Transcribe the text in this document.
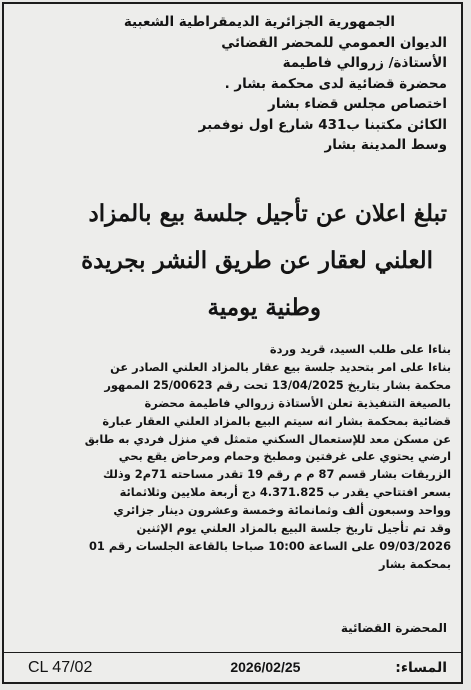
الجمهورية الجزائرية الديمقراطية الشعبية
الديوان العمومي للمحضر القضائي
الأستاذة/ زروالي فاطيمة
محضرة قضائية لدى محكمة بشار .
اختصاص مجلس قضاء بشار
الكائن مكتبنا ب431 شارع اول نوفمبر
وسط المدينة بشار
تبلغ اعلان عن تأجيل جلسة بيع بالمزاد
العلني لعقار عن طريق النشر بجريدة
وطنية يومية
بناءا على طلب السيد، قريد وردة
بناءا على امر بتحديد جلسة بيع عقار بالمزاد العلني الصادر عن
محكمة بشار بتاريخ 13/04/2025 تحت رقم 25/00623 الممهور
بالصيغة التنفيذية تعلن الأستاذة زروالي فاطيمة محضرة
قضائية بمحكمة بشار انه سيتم البيع بالمزاد العلني العقار عبارة
عن مسكن معد للإستعمال السكني متمثل في منزل فردي به طابق
ارضي يحتوي على غرفتين ومطبخ وحمام ومرحاض يقع بحي
الزريقات بشار قسم 87 م م رقم 19 تقدر مساحته 71م2 وذلك
بسعر افتتاحي يقدر ب 4.371.825 دج أربعة ملايين وثلاثمائة
وواحد وسبعون ألف وثمانمائة وخمسة وعشرون دينار جزائري
وقد تم تأجيل تاريخ جلسة البيع بالمزاد العلني يوم الإثنين
09/03/2026 على الساعة 10:00 صباحا بالقاعة الجلسات رقم 01
بمحكمة بشار
المحضرة القضائية
CL 47/02	المساء: 2026/02/25
